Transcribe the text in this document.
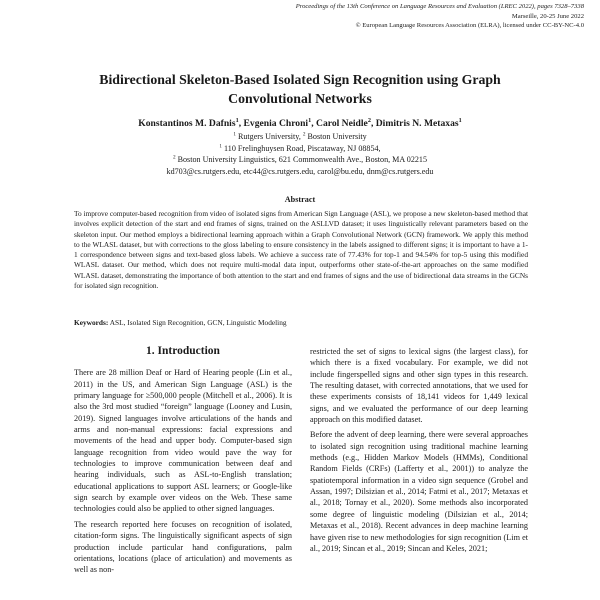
Proceedings of the 13th Conference on Language Resources and Evaluation (LREC 2022), pages 7328–7338
Marseille, 20-25 June 2022
© European Language Resources Association (ELRA), licensed under CC-BY-NC-4.0
Bidirectional Skeleton-Based Isolated Sign Recognition using Graph Convolutional Networks
Konstantinos M. Dafnis$^1$, Evgenia Chroni$^1$, Carol Neidle$^2$, Dimitris N. Metaxas$^1$
$^1$ Rutgers University, $^2$ Boston University
$^1$ 110 Frelinghuysen Road, Piscataway, NJ 08854,
$^2$ Boston University Linguistics, 621 Commonwealth Ave., Boston, MA 02215
kd703@cs.rutgers.edu, etc44@cs.rutgers.edu, carol@bu.edu, dnm@cs.rutgers.edu
Abstract
To improve computer-based recognition from video of isolated signs from American Sign Language (ASL), we propose a new skeleton-based method that involves explicit detection of the start and end frames of signs, trained on the ASLLVD dataset; it uses linguistically relevant parameters based on the skeleton input. Our method employs a bidirectional learning approach within a Graph Convolutional Network (GCN) framework. We apply this method to the WLASL dataset, but with corrections to the gloss labeling to ensure consistency in the labels assigned to different signs; it is important to have a 1-1 correspondence between signs and text-based gloss labels. We achieve a success rate of 77.43% for top-1 and 94.54% for top-5 using this modified WLASL dataset. Our method, which does not require multi-modal data input, outperforms other state-of-the-art approaches on the same modified WLASL dataset, demonstrating the importance of both attention to the start and end frames of signs and the use of bidirectional data streams in the GCNs for isolated sign recognition.
Keywords: ASL, Isolated Sign Recognition, GCN, Linguistic Modeling
1. Introduction

There are 28 million Deaf or Hard of Hearing people (Lin et al., 2011) in the US, and American Sign Language (ASL) is the primary language for ≥500,000 people (Mitchell et al., 2006). It is also the 3rd most studied “foreign” language (Looney and Lusin, 2019). Signed languages involve articulations of the hands and arms and non-manual expressions: facial expressions and movements of the head and upper body. Computer-based sign language recognition from video would pave the way for technologies to improve communication between deaf and hearing individuals, such as ASL-to-English translation; educational applications to support ASL learners; or Google-like sign search by example over videos on the Web. These same technologies could also be applied to other signed languages.

The research reported here focuses on recognition of isolated, citation-form signs. The linguistically significant aspects of sign production include particular hand configurations, palm orientations, locations (place of articulation) and movements as well as non-

restricted the set of signs to lexical signs (the largest class), for which there is a fixed vocabulary. For example, we did not include fingerspelled signs and other sign types in this research. The resulting dataset, with corrected annotations, that we used for these experiments consists of 18,141 videos for 1,449 lexical signs, and we evaluated the performance of our deep learning approach on this modified dataset.

Before the advent of deep learning, there were several approaches to isolated sign recognition using traditional machine learning methods (e.g., Hidden Markov Models (HMMs), Conditional Random Fields (CRFs) (Lafferty et al., 2001)) to analyze the spatiotemporal information in a video sign sequence (Grobel and Assan, 1997; Dilsizian et al., 2014; Fatmi et al., 2017; Metaxas et al., 2018; Tornay et al., 2020). Some methods also incorporated some degree of linguistic modeling (Dilsizian et al., 2014; Metaxas et al., 2018). Recent advances in deep machine learning have given rise to new methodologies for sign recognition (Lim et al., 2019; Sincan et al., 2019; Sincan and Keles, 2021;
